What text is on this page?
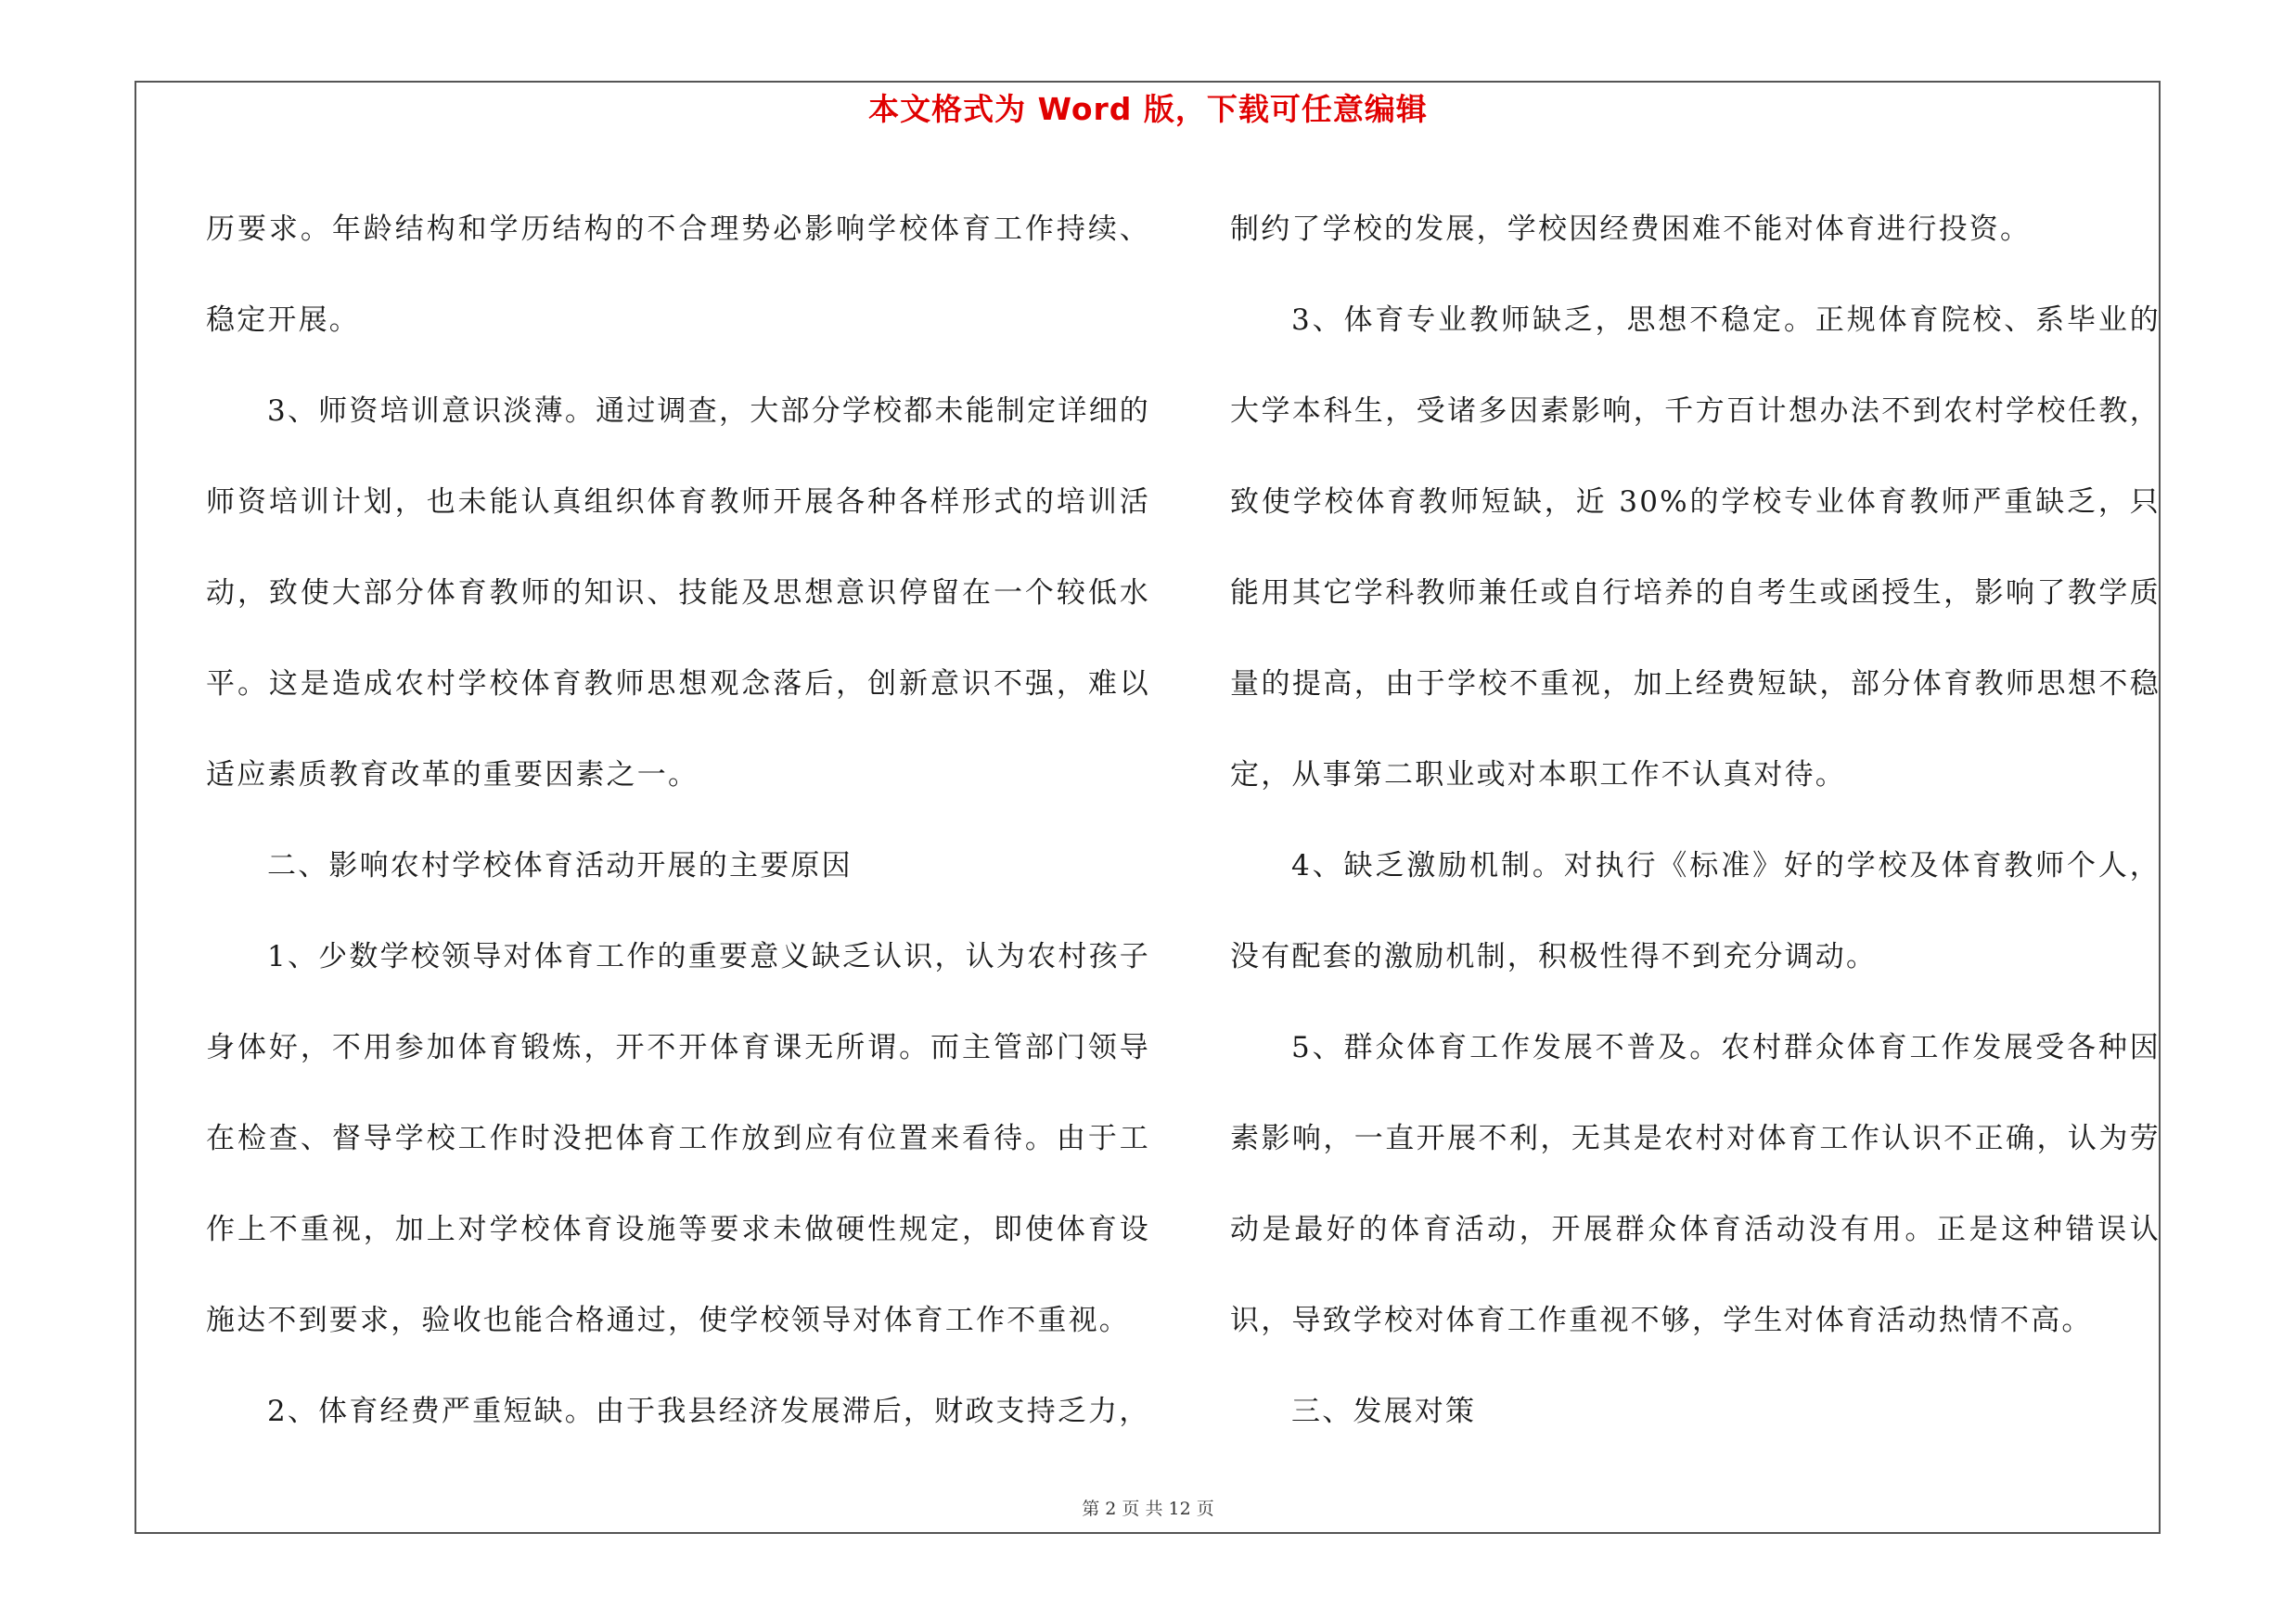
本文格式为 Word 版，下载可任意编辑

历要求。年龄结构和学历结构的不合理势必影响学校体育工作持续、稳定开展。

3、师资培训意识淡薄。通过调查，大部分学校都未能制定详细的师资培训计划，也未能认真组织体育教师开展各种各样形式的培训活动，致使大部分体育教师的知识、技能及思想意识停留在一个较低水平。这是造成农村学校体育教师思想观念落后，创新意识不强，难以适应素质教育改革的重要因素之一。

二、影响农村学校体育活动开展的主要原因

1、少数学校领导对体育工作的重要意义缺乏认识，认为农村孩子身体好，不用参加体育锻炼，开不开体育课无所谓。而主管部门领导在检查、督导学校工作时没把体育工作放到应有位置来看待。由于工作上不重视，加上对学校体育设施等要求未做硬性规定，即使体育设施达不到要求，验收也能合格通过，使学校领导对体育工作不重视。

2、体育经费严重短缺。由于我县经济发展滞后，财政支持乏力，

制约了学校的发展，学校因经费困难不能对体育进行投资。

3、体育专业教师缺乏，思想不稳定。正规体育院校、系毕业的大学本科生，受诸多因素影响，千方百计想办法不到农村学校任教，致使学校体育教师短缺，近 30%的学校专业体育教师严重缺乏，只能用其它学科教师兼任或自行培养的自考生或函授生，影响了教学质量的提高，由于学校不重视，加上经费短缺，部分体育教师思想不稳定，从事第二职业或对本职工作不认真对待。

4、缺乏激励机制。对执行《标准》好的学校及体育教师个人，没有配套的激励机制，积极性得不到充分调动。

5、群众体育工作发展不普及。农村群众体育工作发展受各种因素影响，一直开展不利，无其是农村对体育工作认识不正确，认为劳动是最好的体育活动，开展群众体育活动没有用。正是这种错误认识，导致学校对体育工作重视不够，学生对体育活动热情不高。

三、发展对策

第 2 页 共 12 页
